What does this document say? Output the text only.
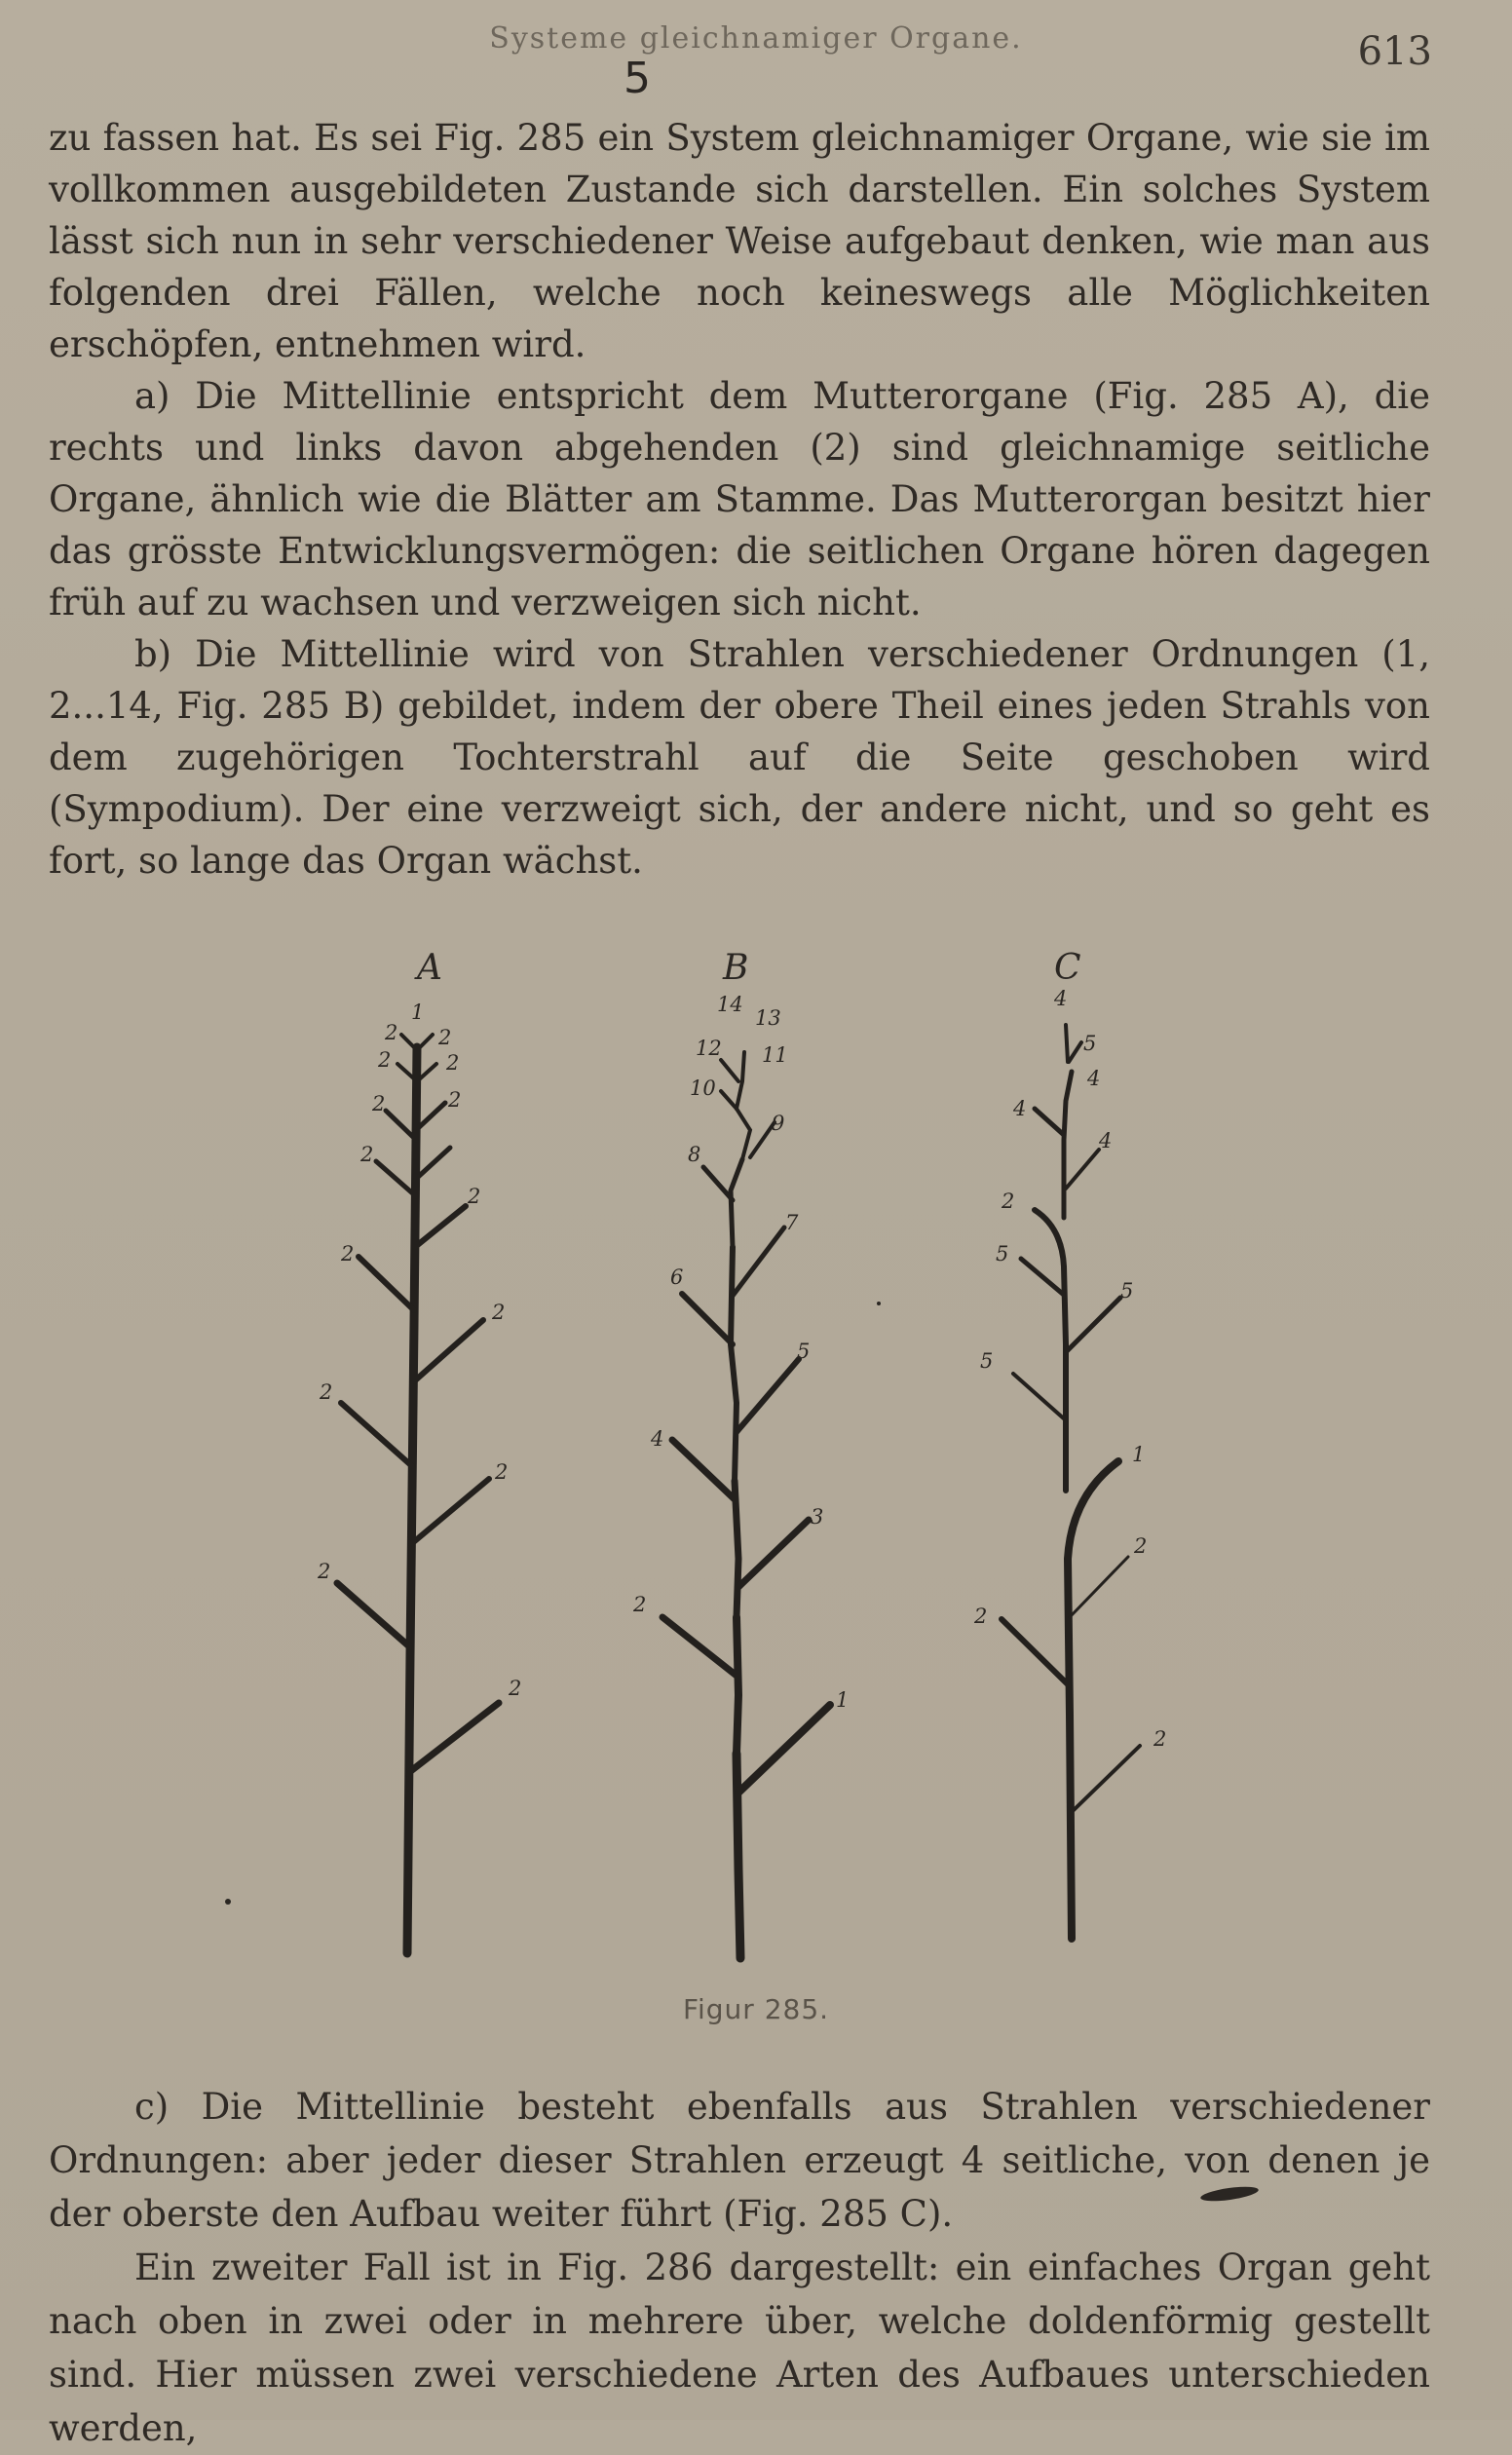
Systeme gleichnamiger Organe.	613
5

zu fassen hat. Es sei Fig. 285 ein System gleichnamiger Organe, wie sie im vollkommen ausgebildeten Zustande sich darstellen. Ein solches System lässt sich nun in sehr verschiedener Weise aufgebaut denken, wie man aus folgenden drei Fällen, welche noch keineswegs alle Möglichkeiten erschöpfen, entnehmen wird.

a) Die Mittellinie entspricht dem Mutterorgane (Fig. 285 A), die rechts und links davon abgehenden (2) sind gleichnamige seitliche Organe, ähnlich wie die Blätter am Stamme. Das Mutterorgan besitzt hier das grösste Entwicklungsvermögen: die seitlichen Organe hören dagegen früh auf zu wachsen und verzweigen sich nicht.

b) Die Mittellinie wird von Strahlen verschiedener Ordnungen (1, 2...14, Fig. 285 B) gebildet, indem der obere Theil eines jeden Strahls von dem zugehörigen Tochterstrahl auf die Seite geschoben wird (Sympodium). Der eine verzweigt sich, der andere nicht, und so geht es fort, so lange das Organ wächst.

A
1
2 2
2	2
2	2
2
2
2
2
2
2
2
2
B
14
13
12 11
10
9
8
7
6
5
4
3
2
1
C
4
5
4
4
4
2
5
5
5
1
2
2
2
Figur 285.

c) Die Mittellinie besteht ebenfalls aus Strahlen verschiedener Ordnungen: aber jeder dieser Strahlen erzeugt 4 seitliche, von denen je der oberste den Aufbau weiter führt (Fig. 285 C).

Ein zweiter Fall ist in Fig. 286 dargestellt: ein einfaches Organ geht nach oben in zwei oder in mehrere über, welche doldenförmig gestellt sind. Hier müssen zwei verschiedene Arten des Aufbaues unterschieden werden,
